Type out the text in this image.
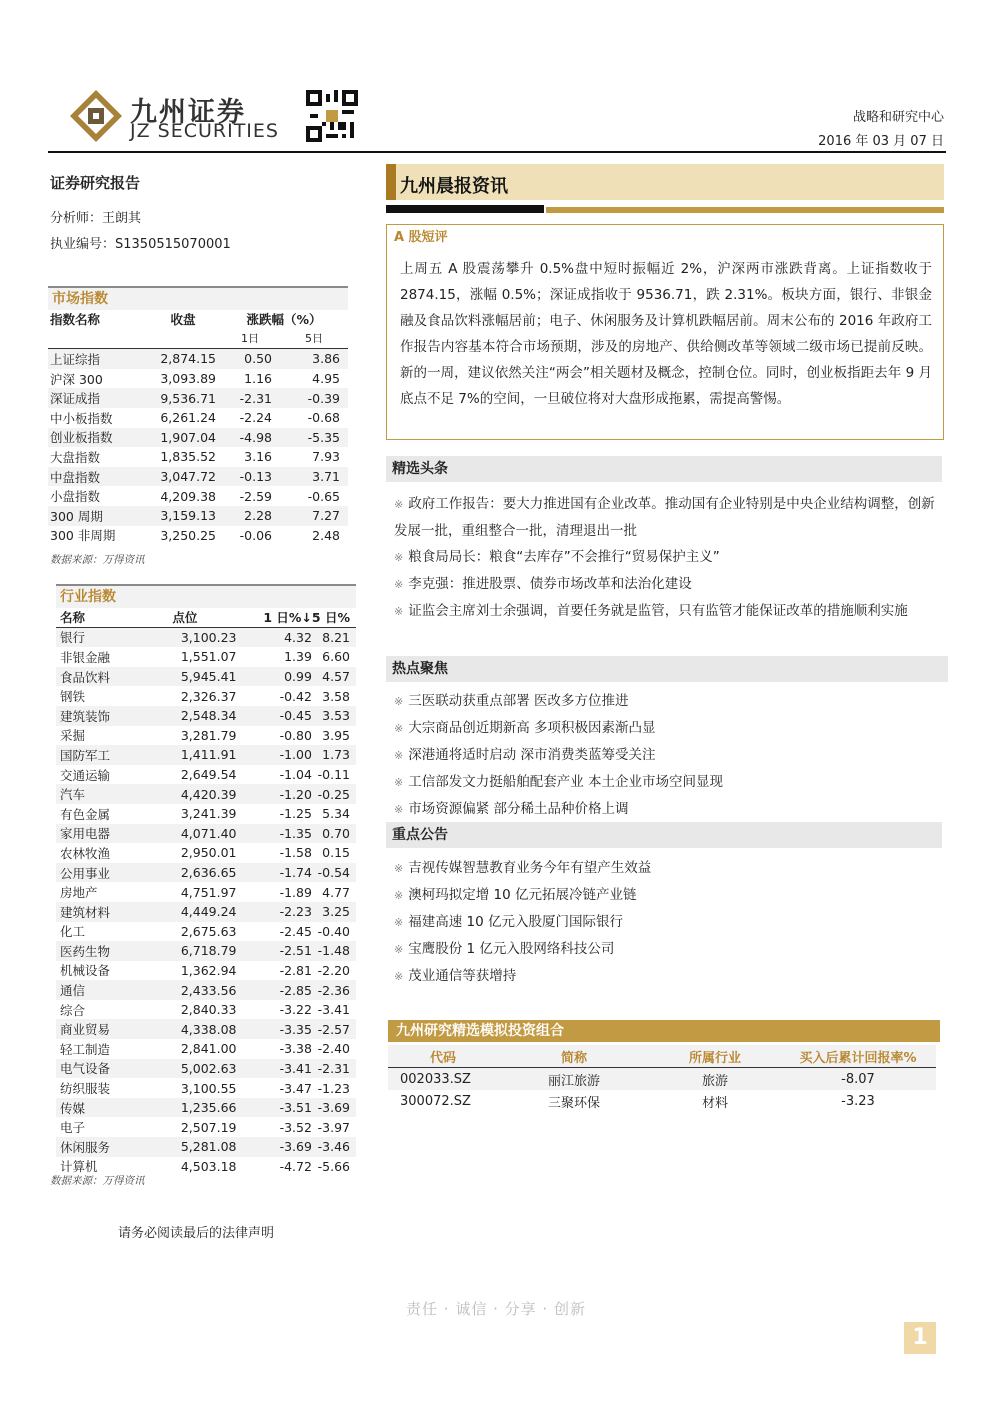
九州证券
JZ SECURITIES
战略和研究中心
2016 年 03 月 07 日
证券研究报告
分析师：王朗其
执业编号：S1350515070001
市场指数
指数名称	收盘	涨跌幅（%）	
		1日	5日
上证综指	2,874.15	0.50	3.86
沪深 300	3,093.89	1.16	4.95
深证成指	9,536.71	-2.31	-0.39
中小板指数	6,261.24	-2.24	-0.68
创业板指数	1,907.04	-4.98	-5.35
大盘指数	1,835.52	3.16	7.93
中盘指数	3,047.72	-0.13	3.71
小盘指数	4,209.38	-2.59	-0.65
300 周期	3,159.13	2.28	7.27
300 非周期	3,250.25	-0.06	2.48
数据来源：万得资讯
行业指数
名称	点位	1 日%↓	5 日%
银行	3,100.23	4.32	8.21
非银金融	1,551.07	1.39	6.60
食品饮料	5,945.41	0.99	4.57
钢铁	2,326.37	-0.42	3.58
建筑装饰	2,548.34	-0.45	3.53
采掘	3,281.79	-0.80	3.95
国防军工	1,411.91	-1.00	1.73
交通运输	2,649.54	-1.04	-0.11
汽车	4,420.39	-1.20	-0.25
有色金属	3,241.39	-1.25	5.34
家用电器	4,071.40	-1.35	0.70
农林牧渔	2,950.01	-1.58	0.15
公用事业	2,636.65	-1.74	-0.54
房地产	4,751.97	-1.89	4.77
建筑材料	4,449.24	-2.23	3.25
化工	2,675.63	-2.45	-0.40
医药生物	6,718.79	-2.51	-1.48
机械设备	1,362.94	-2.81	-2.20
通信	2,433.56	-2.85	-2.36
综合	2,840.33	-3.22	-3.41
商业贸易	4,338.08	-3.35	-2.57
轻工制造	2,841.00	-3.38	-2.40
电气设备	5,002.63	-3.41	-2.31
纺织服装	3,100.55	-3.47	-1.23
传媒	1,235.66	-3.51	-3.69
电子	2,507.19	-3.52	-3.97
休闲服务	5,281.08	-3.69	-3.46
计算机	4,503.18	-4.72	-5.66
数据来源：万得资讯
请务必阅读最后的法律声明
九州晨报资讯
A 股短评
上周五 A 股震荡攀升 0.5%盘中短时振幅近 2%，沪深两市涨跌背离。上证指数收于 2874.15，涨幅 0.5%；深证成指收于 9536.71，跌 2.31%。板块方面，银行、非银金融及食品饮料涨幅居前；电子、休闲服务及计算机跌幅居前。周末公布的 2016 年政府工作报告内容基本符合市场预期，涉及的房地产、供给侧改革等领域二级市场已提前反映。新的一周，建议依然关注“两会”相关题材及概念，控制仓位。同时，创业板指距去年 9 月底点不足 7%的空间，一旦破位将对大盘形成拖累，需提高警惕。
精选头条
※ 政府工作报告：要大力推进国有企业改革。推动国有企业特别是中央企业结构调整，创新发展一批，重组整合一批，清理退出一批
※ 粮食局局长：粮食“去库存”不会推行“贸易保护主义”
※ 李克强：推进股票、债券市场改革和法治化建设
※ 证监会主席刘士余强调，首要任务就是监管，只有监管才能保证改革的措施顺利实施
热点聚焦
※ 三医联动获重点部署 医改多方位推进
※ 大宗商品创近期新高 多项积极因素渐凸显
※ 深港通将适时启动 深市消费类蓝筹受关注
※ 工信部发文力挺船舶配套产业 本土企业市场空间显现
※ 市场资源偏紧 部分稀土品种价格上调
重点公告
※ 吉视传媒智慧教育业务今年有望产生效益
※ 澳柯玛拟定增 10 亿元拓展冷链产业链
※ 福建高速 10 亿元入股厦门国际银行
※ 宝鹰股份 1 亿元入股网络科技公司
※ 茂业通信等获增持
九州研究精选模拟投资组合
代码	简称	所属行业	买入后累计回报率%
002033.SZ	丽江旅游	旅游	-8.07
300072.SZ	三聚环保	材料	-3.23
责任 · 诚信 · 分享 · 创新
1
